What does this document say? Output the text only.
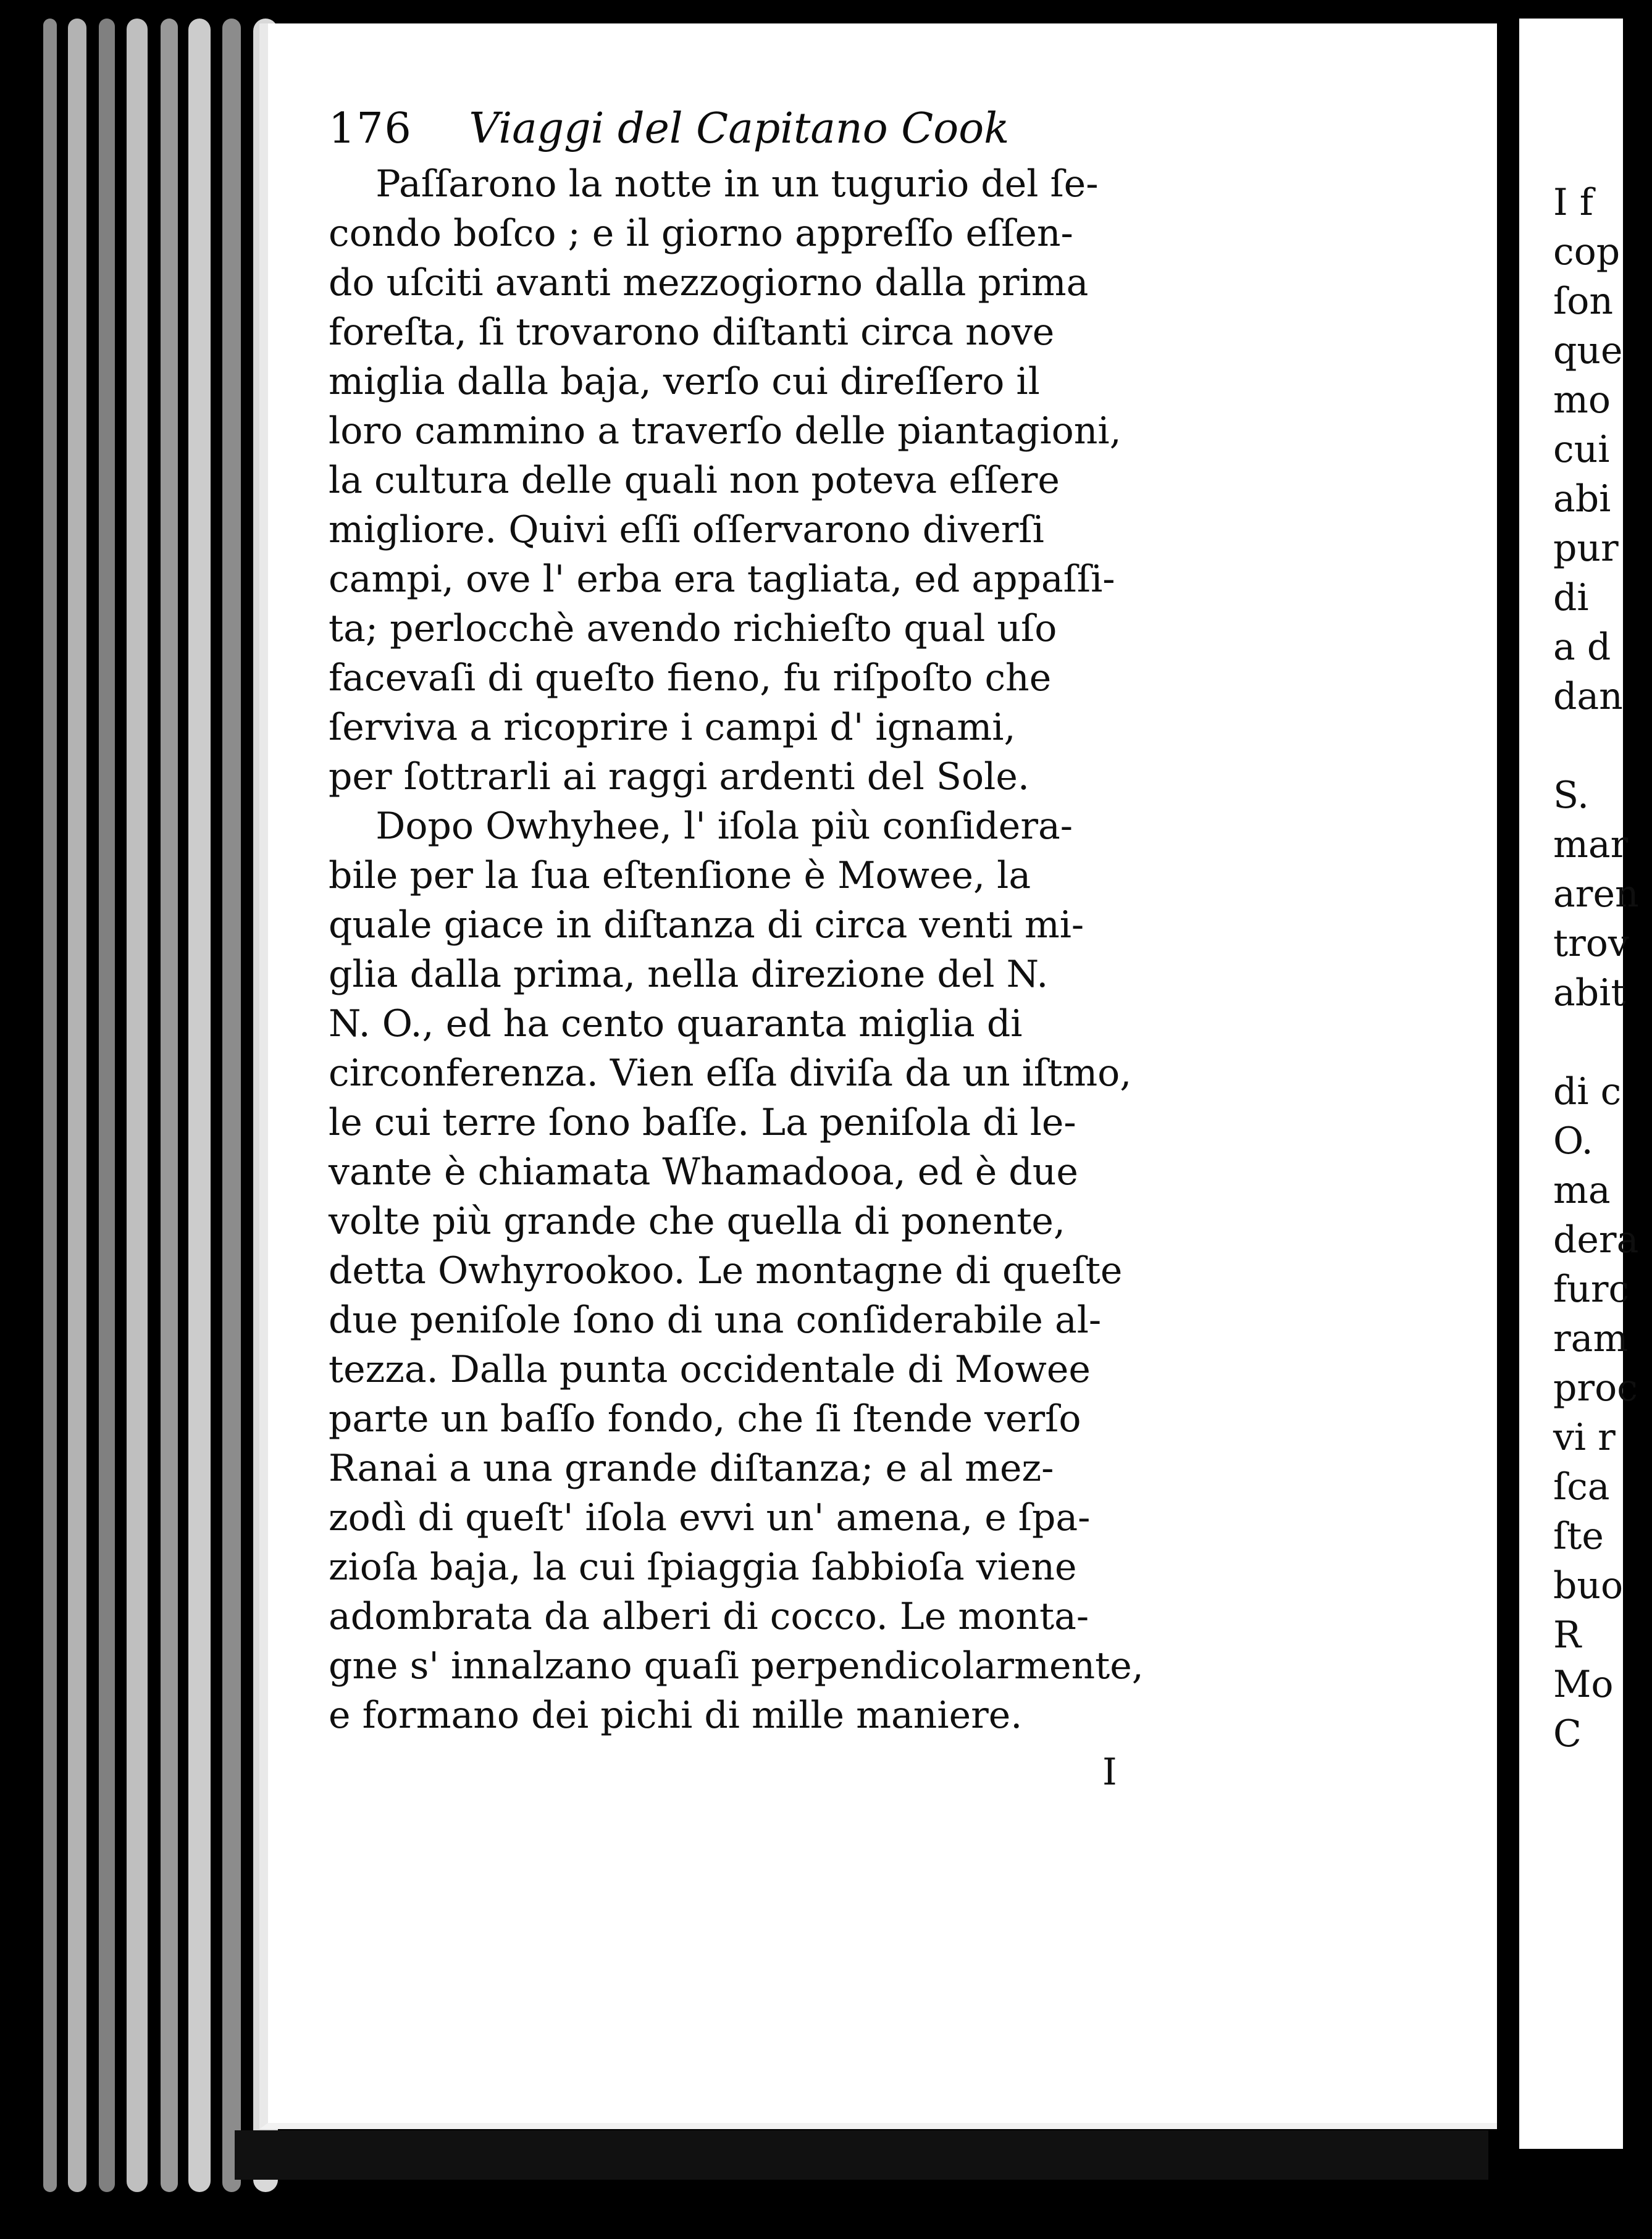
176 Viaggi del Capitano Cook
Paſſarono la notte in un tugurio del ſe-
condo boſco ; e il giorno appreſſo eſſen-
do uſciti avanti mezzogiorno dalla prima
foreſta, ſi trovarono diſtanti circa nove
miglia dalla baja, verſo cui direſſero il
loro cammino a traverſo delle piantagioni,
la cultura delle quali non poteva eſſere
migliore. Quivi eſſi oſſervarono diverſi
campi, ove l' erba era tagliata, ed appaſſi-
ta; perlocchè avendo richieſto qual uſo
facevaſi di queſto fieno, fu riſpoſto che
ſerviva a ricoprire i campi d' ignami,
per ſottrarli ai raggi ardenti del Sole.
Dopo Owhyhee, l' iſola più conſidera-
bile per la ſua eſtenſione è Mowee, la
quale giace in diſtanza di circa venti mi-
glia dalla prima, nella direzione del N.
N. O., ed ha cento quaranta miglia di
circonferenza. Vien eſſa diviſa da un iſtmo,
le cui terre ſono baſſe. La peniſola di le-
vante è chiamata Whamadooa, ed è due
volte più grande che quella di ponente,
detta Owhyrookoo. Le montagne di queſte
due peniſole ſono di una conſiderabile al-
tezza. Dalla punta occidentale di Mowee
parte un baſſo fondo, che ſi ſtende verſo
Ranai a una grande diſtanza; e al mez-
zodì di queſt' iſola evvi un' amena, e ſpa-
zioſa baja, la cui ſpiaggia ſabbioſa viene
adombrata da alberi di cocco. Le monta-
gne s' innalzano quaſi perpendicolarmente,
e formano dei pichi di mille maniere.
I
I f
cop
ſon
que
mo
cui
abi
pur
di
a d
dan
S.
mar
aren
trov
abit
di c
O.
ma
dera
furc
ram
proc
vi r
ſca
ſte
buo
R
Mo
C
